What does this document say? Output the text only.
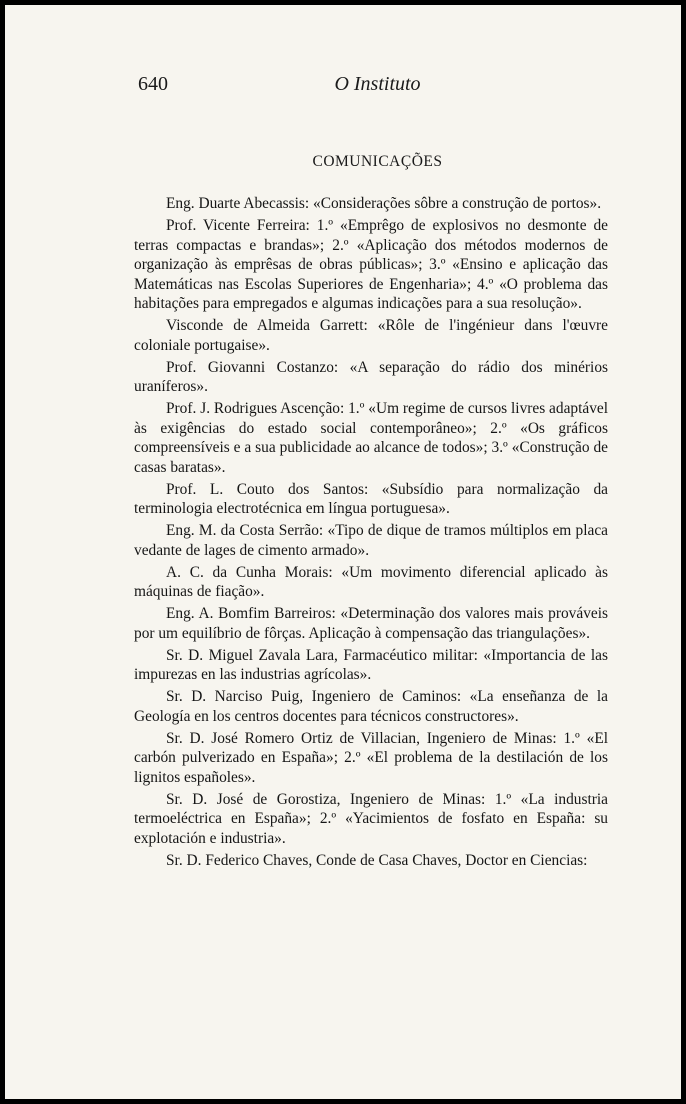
640	O Instituto
COMUNICAÇÕES

Eng. Duarte Abecassis: «Considerações sôbre a construção de portos».

Prof. Vicente Ferreira: 1.º «Emprêgo de explosivos no desmonte de terras compactas e brandas»; 2.º «Aplicação dos métodos modernos de organização às emprêsas de obras públicas»; 3.º «Ensino e aplicação das Matemáticas nas Escolas Superiores de Engenharia»; 4.º «O problema das habitações para empregados e algumas indicações para a sua resolução».

Visconde de Almeida Garrett: «Rôle de l'ingénieur dans l'œuvre coloniale portugaise».

Prof. Giovanni Costanzo: «A separação do rádio dos minérios uraníferos».

Prof. J. Rodrigues Ascenção: 1.º «Um regime de cursos livres adaptável às exigências do estado social contemporâneo»; 2.º «Os gráficos compreensíveis e a sua publicidade ao alcance de todos»; 3.º «Construção de casas baratas».

Prof. L. Couto dos Santos: «Subsídio para normalização da terminologia electrotécnica em língua portuguesa».

Eng. M. da Costa Serrão: «Tipo de dique de tramos múltiplos em placa vedante de lages de cimento armado».

A. C. da Cunha Morais: «Um movimento diferencial aplicado às máquinas de fiação».

Eng. A. Bomfim Barreiros: «Determinação dos valores mais prováveis por um equilíbrio de fôrças. Aplicação à compensação das triangulações».

Sr. D. Miguel Zavala Lara, Farmacéutico militar: «Importancia de las impurezas en las industrias agrícolas».

Sr. D. Narciso Puig, Ingeniero de Caminos: «La enseñanza de la Geología en los centros docentes para técnicos constructores».

Sr. D. José Romero Ortiz de Villacian, Ingeniero de Minas: 1.º «El carbón pulverizado en España»; 2.º «El problema de la destilación de los lignitos españoles».

Sr. D. José de Gorostiza, Ingeniero de Minas: 1.º «La industria termoeléctrica en España»; 2.º «Yacimientos de fosfato en España: su explotación e industria».

Sr. D. Federico Chaves, Conde de Casa Chaves, Doctor en Ciencias:
